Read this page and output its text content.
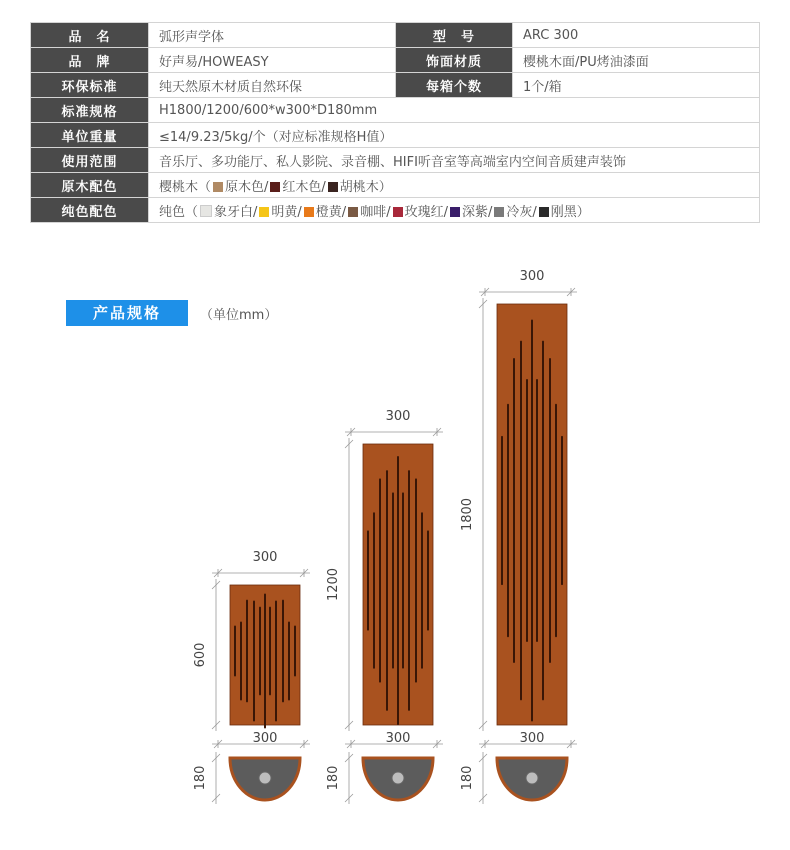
品　名	弧形声学体	型　号	ARC 300
品　牌	好声易/HOWEASY	饰面材质	樱桃木面/PU烤油漆面
环保标准	纯天然原木材质自然环保	每箱个数	1个/箱
标准规格	H1800/1200/600*w300*D180mm		
单位重量	≤14/9.23/5kg/个（对应标准规格H值）		
使用范围	音乐厅、多功能厅、私人影院、录音棚、HIFI听音室等高端室内空间音质建声装饰		
原木配色	樱桃木（ 原木色/ 红木色/ 胡桃木）		
纯色配色	纯色（ 象牙白/ 明黄/ 橙黄/ 咖啡/ 玫瑰红/ 深紫/ 冷灰/ 刚黑）		
产品规格	（单位mm）
300
600
300
180
300
1200
300
180
300
1800
300
180
